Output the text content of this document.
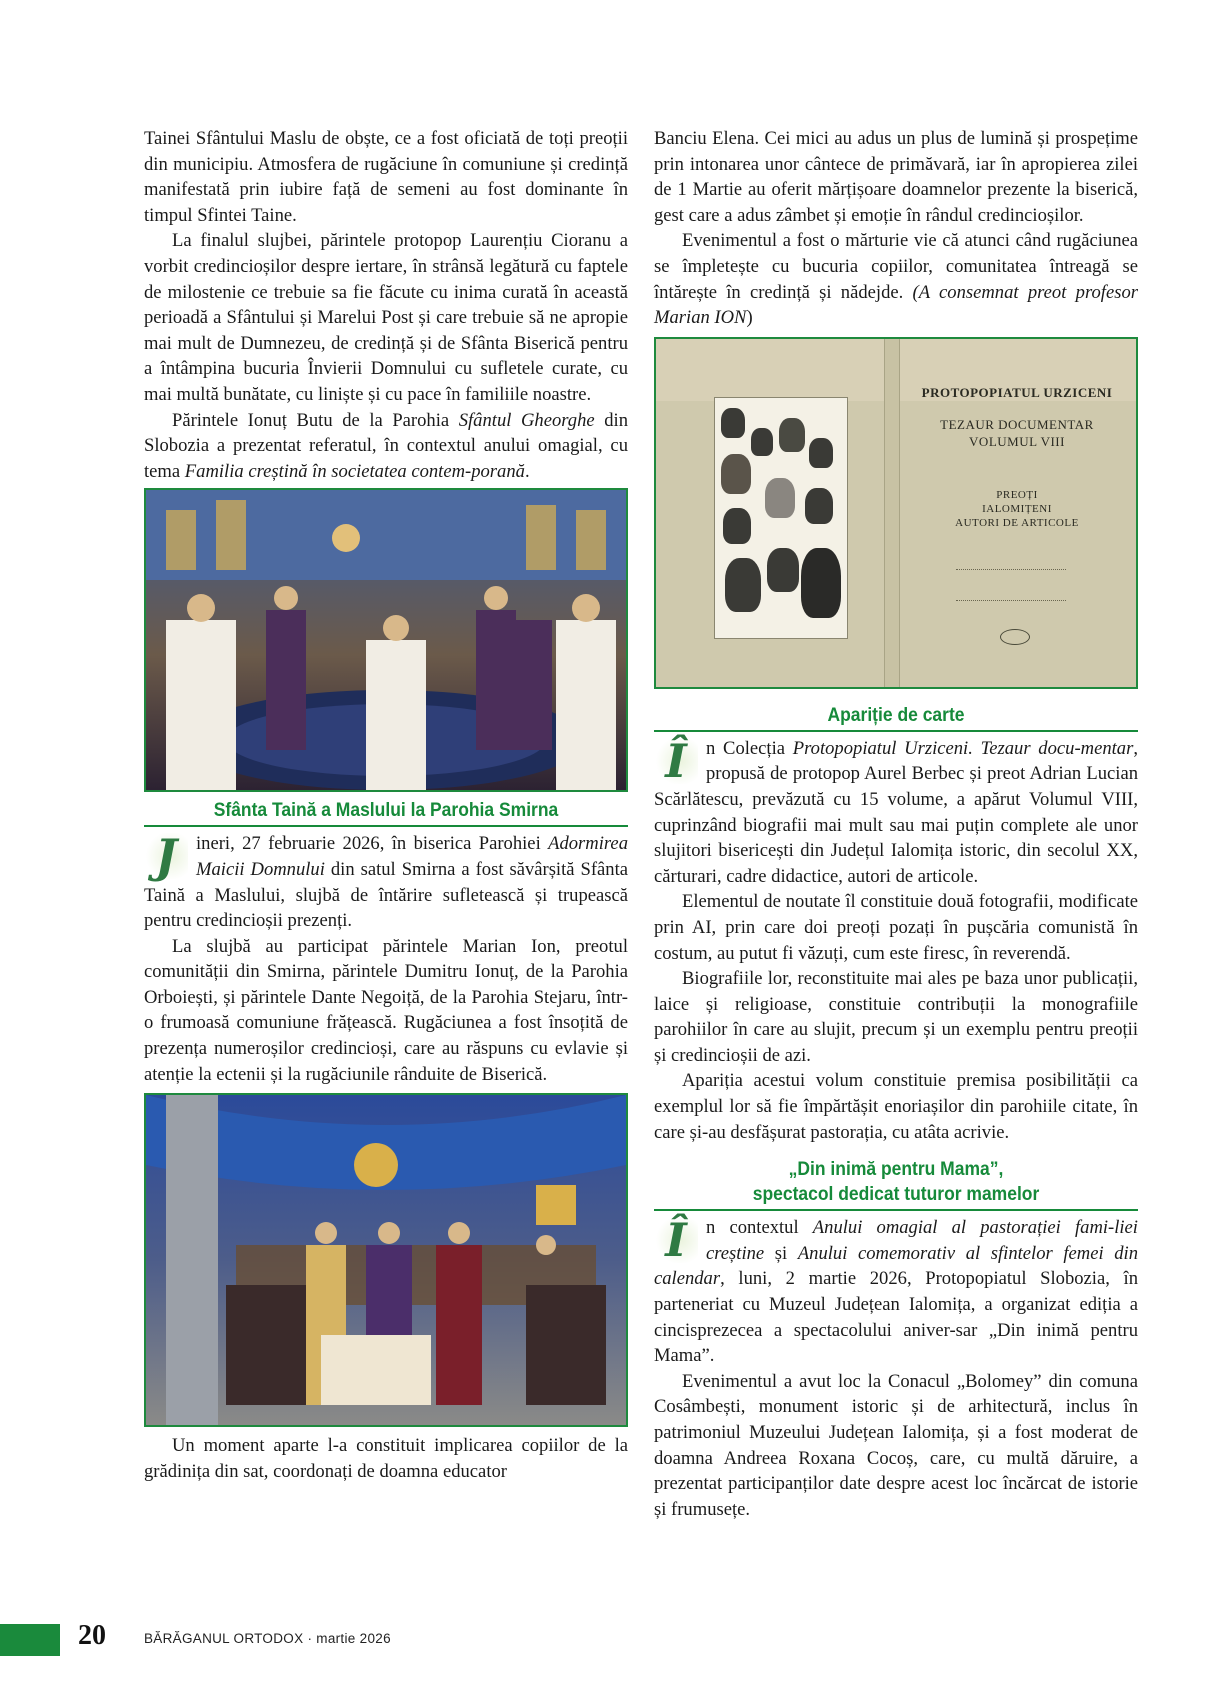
Tainei Sfântului Maslu de obște, ce a fost oficiată de toți preoții din municipiu. Atmosfera de rugăciune în comuniune și credință manifestată prin iubire față de semeni au fost dominante în timpul Sfintei Taine.

La finalul slujbei, părintele protopop Laurențiu Cioranu a vorbit credincioșilor despre iertare, în strânsă legătură cu faptele de milostenie ce trebuie sa fie făcute cu inima curată în această perioadă a Sfântului și Marelui Post și care trebuie să ne apropie mai mult de Dumnezeu, de credință și de Sfânta Biserică pentru a întâmpina bucuria Învierii Domnului cu sufletele curate, cu mai multă bunătate, cu liniște și cu pace în familiile noastre.

Părintele Ionuț Butu de la Parohia Sfântul Gheorghe din Slobozia a prezentat referatul, în contextul anului omagial, cu tema Familia creștină în societatea contem-porană.

Sfânta Taină a Maslului la Parohia Smirna

J	ineri, 27 februarie 2026, în biserica Parohiei Adormirea Maicii Domnului din satul Smirna a fost săvârșită Sfânta Taină a Maslului, slujbă de întărire sufletească și trupească pentru credincioșii prezenți.

La slujbă au participat părintele Marian Ion, preotul comunității din Smirna, părintele Dumitru Ionuț, de la Parohia Orboiești, și părintele Dante Negoiță, de la Parohia Stejaru, într-o frumoasă comuniune frățească. Rugăciunea a fost însoțită de prezența numeroșilor credincioși, care au răspuns cu evlavie și atenție la ectenii și la rugăciunile rânduite de Biserică.

Un moment aparte l-a constituit implicarea copiilor de la grădinița din sat, coordonați de doamna educator

Banciu Elena. Cei mici au adus un plus de lumină și prospețime prin intonarea unor cântece de primăvară, iar în apropierea zilei de 1 Martie au oferit mărțișoare doamnelor prezente la biserică, gest care a adus zâmbet și emoție în rândul credincioșilor.

Evenimentul a fost o mărturie vie că atunci când rugăciunea se împletește cu bucuria copiilor, comunitatea întreagă se întărește în credință și nădejde. (A consemnat preot profesor Marian ION)

PROTOPOPIATUL URZICENI
TEZAUR DOCUMENTAR
VOLUMUL VIII
PREOȚI
IALOMIȚENI
AUTORI DE ARTICOLE
Apariție de carte

Î	n Colecția Protopopiatul Urziceni. Tezaur docu-mentar, propusă de protopop Aurel Berbec și preot Adrian Lucian Scărlătescu, prevăzută cu 15 volume, a apărut Volumul VIII, cuprinzând biografii mai mult sau mai puțin complete ale unor slujitori bisericești din Județul Ialomița istoric, din secolul XX, cărturari, cadre didactice, autori de articole.

Elementul de noutate îl constituie două fotografii, modificate prin AI, prin care doi preoți pozați în pușcăria comunistă în costum, au putut fi văzuți, cum este firesc, în reverendă.

Biografiile lor, reconstituite mai ales pe baza unor publicații, laice și religioase, constituie contribuții la monografiile parohiilor în care au slujit, precum și un exemplu pentru preoții și credincioșii de azi.

Apariția acestui volum constituie premisa posibilității ca exemplul lor să fie împărtășit enoriașilor din parohiile citate, în care și-au desfășurat pastorația, cu atâta acrivie.

„Din inimă pentru Mama”,
spectacol dedicat tuturor mamelor

Î	n contextul Anului omagial al pastorației fami-liei creștine și Anului comemorativ al sfintelor femei din calendar, luni, 2 martie 2026, Protopopiatul Slobozia, în parteneriat cu Muzeul Județean Ialomița, a organizat ediția a cincisprezecea a spectacolului aniver-sar „Din inimă pentru Mama”.

Evenimentul a avut loc la Conacul „Bolomey” din comuna Cosâmbești, monument istoric și de arhitectură, inclus în patrimoniul Muzeului Județean Ialomița, și a fost moderat de doamna Andreea Roxana Cocoș, care, cu multă dăruire, a prezentat participanților date despre acest loc încărcat de istorie și frumusețe.

20	BĂRĂGANUL ORTODOX · martie 2026
